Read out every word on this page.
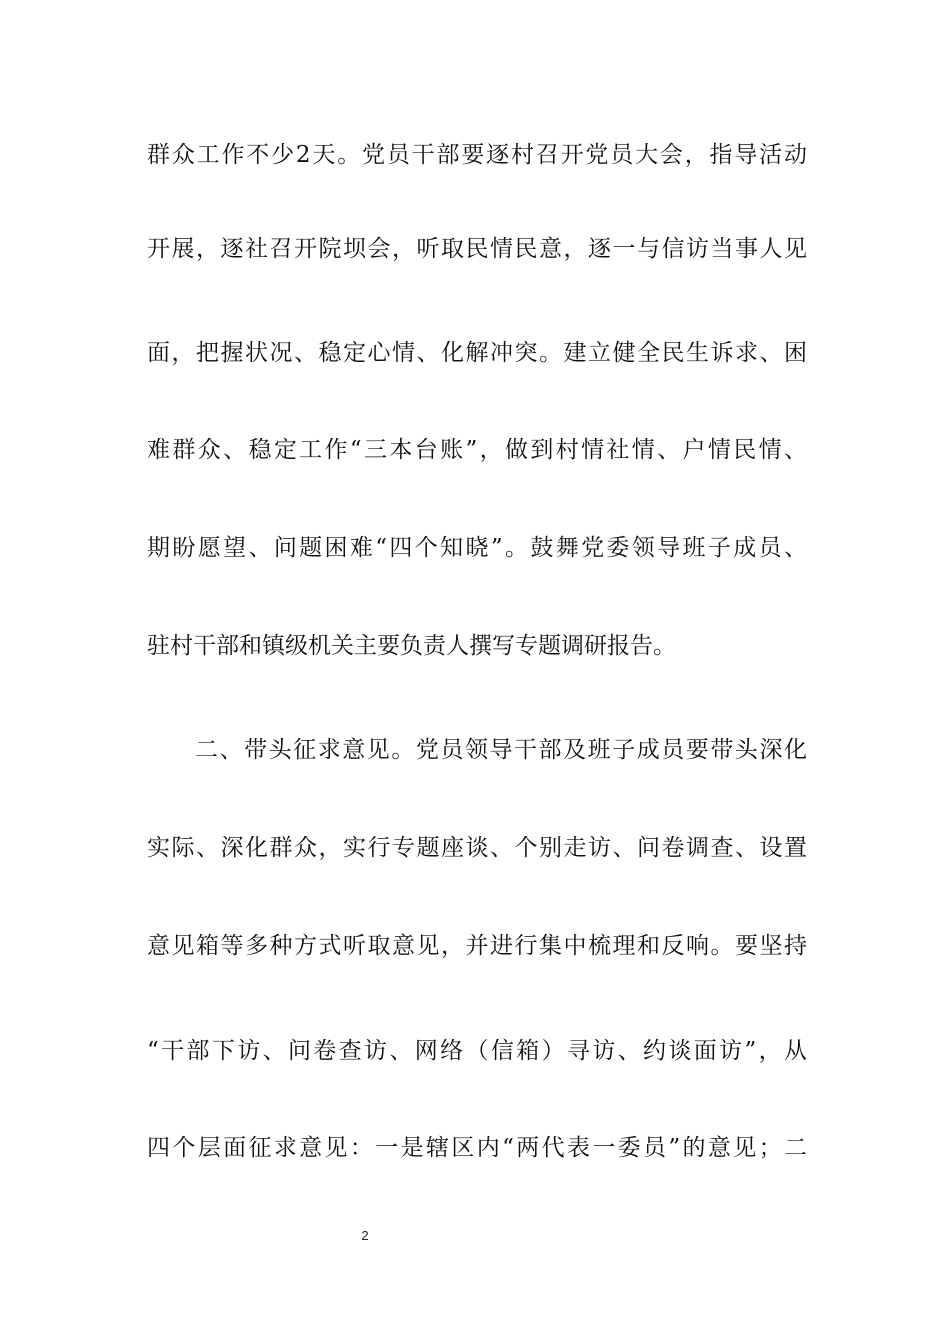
群众工作不少2天。党员干部要逐村召开党员大会，指导活动
开展，逐社召开院坝会，听取民情民意，逐一与信访当事人见
面，把握状况、稳定心情、化解冲突。建立健全民生诉求、困
难群众、稳定工作“三本台账”，做到村情社情、户情民情、
期盼愿望、问题困难“四个知晓”。鼓舞党委领导班子成员、
驻村干部和镇级机关主要负责人撰写专题调研报告。
二、带头征求意见。党员领导干部及班子成员要带头深化
实际、深化群众，实行专题座谈、个别走访、问卷调查、设置
意见箱等多种方式听取意见，并进行集中梳理和反响。要坚持
“干部下访、问卷查访、网络（信箱）寻访、约谈面访”，从
四个层面征求意见：一是辖区内“两代表一委员”的意见；二
2
